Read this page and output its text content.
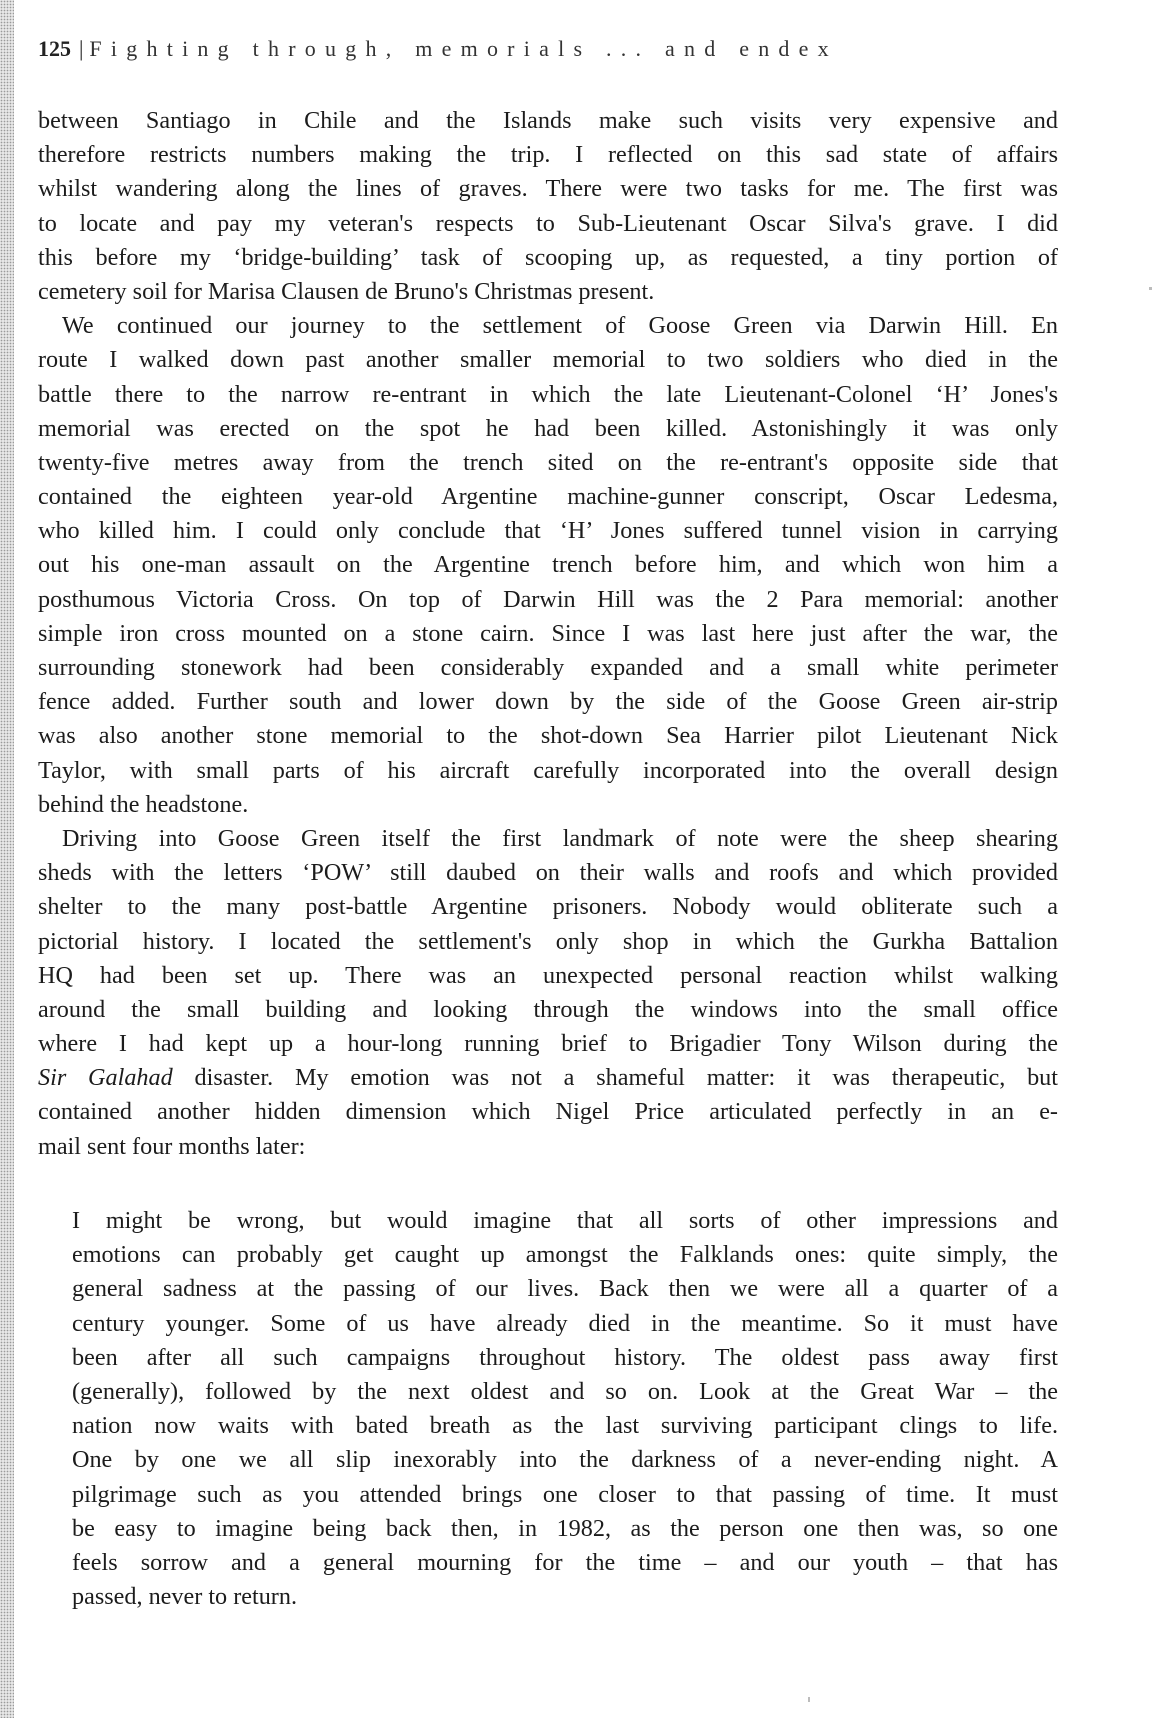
125 | Fighting through, memorials ... and endex
between Santiago in Chile and the Islands make such visits very expensive and
therefore restricts numbers making the trip. I reflected on this sad state of affairs
whilst wandering along the lines of graves. There were two tasks for me. The first was
to locate and pay my veteran's respects to Sub-Lieutenant Oscar Silva's grave. I did
this before my ‘bridge-building’ task of scooping up, as requested, a tiny portion of
cemetery soil for Marisa Clausen de Bruno's Christmas present.
We continued our journey to the settlement of Goose Green via Darwin Hill. En
route I walked down past another smaller memorial to two soldiers who died in the
battle there to the narrow re-entrant in which the late Lieutenant-Colonel ‘H’ Jones's
memorial was erected on the spot he had been killed. Astonishingly it was only
twenty-five metres away from the trench sited on the re-entrant's opposite side that
contained the eighteen year-old Argentine machine-gunner conscript, Oscar Ledesma,
who killed him. I could only conclude that ‘H’ Jones suffered tunnel vision in carrying
out his one-man assault on the Argentine trench before him, and which won him a
posthumous Victoria Cross. On top of Darwin Hill was the 2 Para memorial: another
simple iron cross mounted on a stone cairn. Since I was last here just after the war, the
surrounding stonework had been considerably expanded and a small white perimeter
fence added. Further south and lower down by the side of the Goose Green air-strip
was also another stone memorial to the shot-down Sea Harrier pilot Lieutenant Nick
Taylor, with small parts of his aircraft carefully incorporated into the overall design
behind the headstone.
Driving into Goose Green itself the first landmark of note were the sheep shearing
sheds with the letters ‘POW’ still daubed on their walls and roofs and which provided
shelter to the many post-battle Argentine prisoners. Nobody would obliterate such a
pictorial history. I located the settlement's only shop in which the Gurkha Battalion
HQ had been set up. There was an unexpected personal reaction whilst walking
around the small building and looking through the windows into the small office
where I had kept up a hour-long running brief to Brigadier Tony Wilson during the
Sir Galahad disaster. My emotion was not a shameful matter: it was therapeutic, but
contained another hidden dimension which Nigel Price articulated perfectly in an e-
mail sent four months later:
I might be wrong, but would imagine that all sorts of other impressions and
emotions can probably get caught up amongst the Falklands ones: quite simply, the
general sadness at the passing of our lives. Back then we were all a quarter of a
century younger. Some of us have already died in the meantime. So it must have
been after all such campaigns throughout history. The oldest pass away first
(generally), followed by the next oldest and so on. Look at the Great War – the
nation now waits with bated breath as the last surviving participant clings to life.
One by one we all slip inexorably into the darkness of a never-ending night. A
pilgrimage such as you attended brings one closer to that passing of time. It must
be easy to imagine being back then, in 1982, as the person one then was, so one
feels sorrow and a general mourning for the time – and our youth – that has
passed, never to return.
